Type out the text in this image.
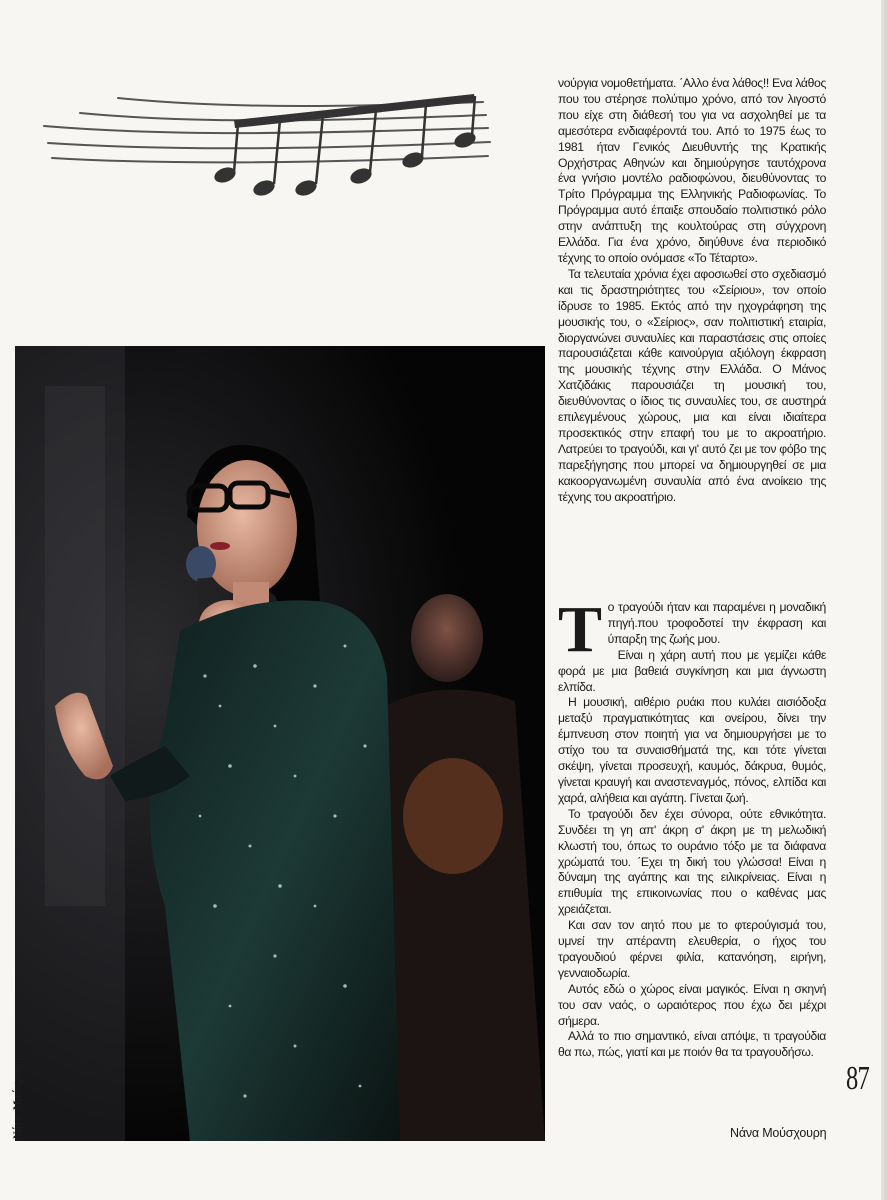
νούργια νομοθετήματα. ΄Αλλο ένα λάθος!! Ενα λάθος που του στέρησε πολύτιμο χρόνο, από τον λιγοστό που είχε στη διάθεσή του για να ασχοληθεί με τα αμεσότερα ενδιαφέροντά του. Από το 1975 έως το 1981 ήταν Γενικός Διευθυντής της Κρατικής Ορχήστρας Αθηνών και δημιούργησε ταυτόχρονα ένα γνήσιο μοντέλο ραδιοφώνου, διευθύνοντας το Τρίτο Πρόγραμμα της Ελληνικής Ραδιοφωνίας. Το Πρόγραμμα αυτό έπαιξε σπουδαίο πολιτιστικό ρόλο στην ανάπτυξη της κουλτούρας στη σύγχρονη Ελλάδα. Για ένα χρόνο, διηύθυνε ένα περιοδικό τέχνης το οποίο ονόμασε «Το Τέταρτο».

Τα τελευταία χρόνια έχει αφοσιωθεί στο σχεδιασμό και τις δραστηριότητες του «Σείριου», τον οποίο ίδρυσε το 1985. Εκτός από την ηχογράφηση της μουσικής του, ο «Σείριος», σαν πολιτιστική εταιρία, διοργανώνει συναυλίες και παραστάσεις στις οποίες παρουσιάζεται κάθε καινούργια αξιόλογη έκφραση της μουσικής τέχνης στην Ελλάδα. Ο Μάνος Χατζιδάκις παρουσιάζει τη μουσική του, διευθύνοντας ο ίδιος τις συναυλίες του, σε αυστηρά επιλεγμένους χώρους, μια και είναι ιδιαίτερα προσεκτικός στην επαφή του με το ακροατήριο. Λατρεύει το τραγούδι, και γι' αυτό ζει με τον φόβο της παρεξήγησης που μπορεί να δημιουργηθεί σε μια κακοοργανωμένη συναυλία από ένα ανοίκειο της τέχνης του ακροατήριο.

Το τραγούδι ήταν και παραμένει η μοναδική πηγή.που τροφοδοτεί την έκφραση και ύπαρξη της ζωής μου.

Είναι η χάρη αυτή που με γεμίζει κάθε φορά με μια βαθειά συγκίνηση και μια άγνωστη ελπίδα.

Η μουσική, αιθέριο ρυάκι που κυλάει αισιόδοξα μεταξύ πραγματικότητας και ονείρου, δίνει την έμπνευση στον ποιητή για να δημιουργήσει με το στίχο του τα συναισθήματά της, και τότε γίνεται σκέψη, γίνεται προσευχή, καυμός, δάκρυα, θυμός, γίνεται κραυγή και αναστεναγμός, πόνος, ελπίδα και χαρά, αλήθεια και αγάπη. Γίνεται ζωή.

Το τραγούδι δεν έχει σύνορα, ούτε εθνικότητα. Συνδέει τη γη απ' άκρη σ' άκρη με τη μελωδική κλωστή του, όπως το ουράνιο τόξο με τα διάφανα χρώματά του. ΄Εχει τη δική του γλώσσα! Είναι η δύναμη της αγάπης και της ειλικρίνειας. Είναι η επιθυμία της επικοινωνίας που ο καθένας μας χρειάζεται.

Και σαν τον αητό που με το φτερούγισμά του, υμνεί την απέραντη ελευθερία, ο ήχος του τραγουδιού φέρνει φιλία, κατανόηση, ειρήνη, γενναιοδωρία.

Αυτός εδώ ο χώρος είναι μαγικός. Είναι η σκηνή του σαν ναός, ο ωραιότερος που έχω δει μέχρι σήμερα.

Αλλά το πιο σημαντικό, είναι απόψε, τι τραγούδια θα πω, πώς, γιατί και με ποιόν θα τα τραγουδήσω.

Νάνα Μούσχουρη
87
Νάνα Μούσχουρη
